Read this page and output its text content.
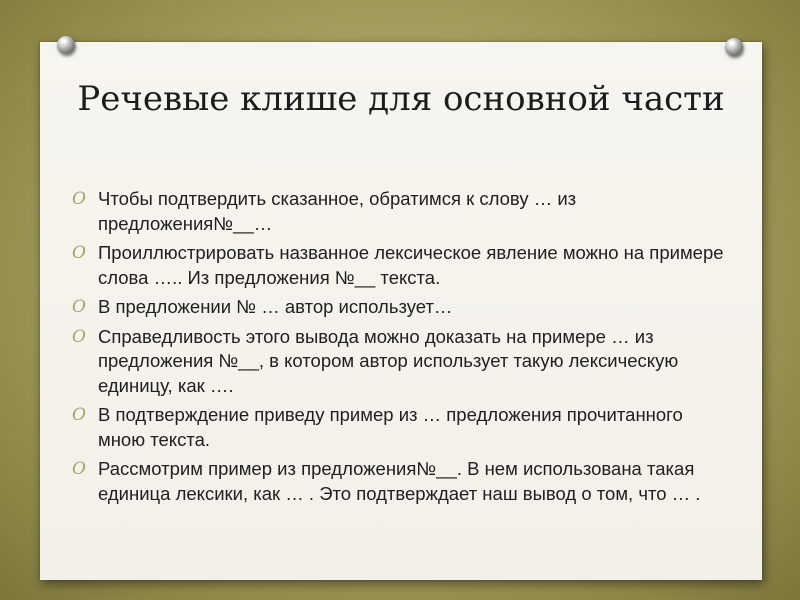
Речевые клише для основной части
O Чтобы подтвердить сказанное, обратимся к слову … из предложения№__…
O Проиллюстрировать названное лексическое явление можно на примере слова ….. Из предложения №__ текста.
O В предложении № … автор использует…
O Справедливость этого вывода можно доказать на примере … из предложения №__, в котором автор использует такую лексическую единицу, как ….
O В подтверждение приведу пример из … предложения прочитанного мною текста.
O Рассмотрим пример из предложения№__. В нем использована такая единица лексики, как … . Это подтверждает наш вывод о том, что … .
